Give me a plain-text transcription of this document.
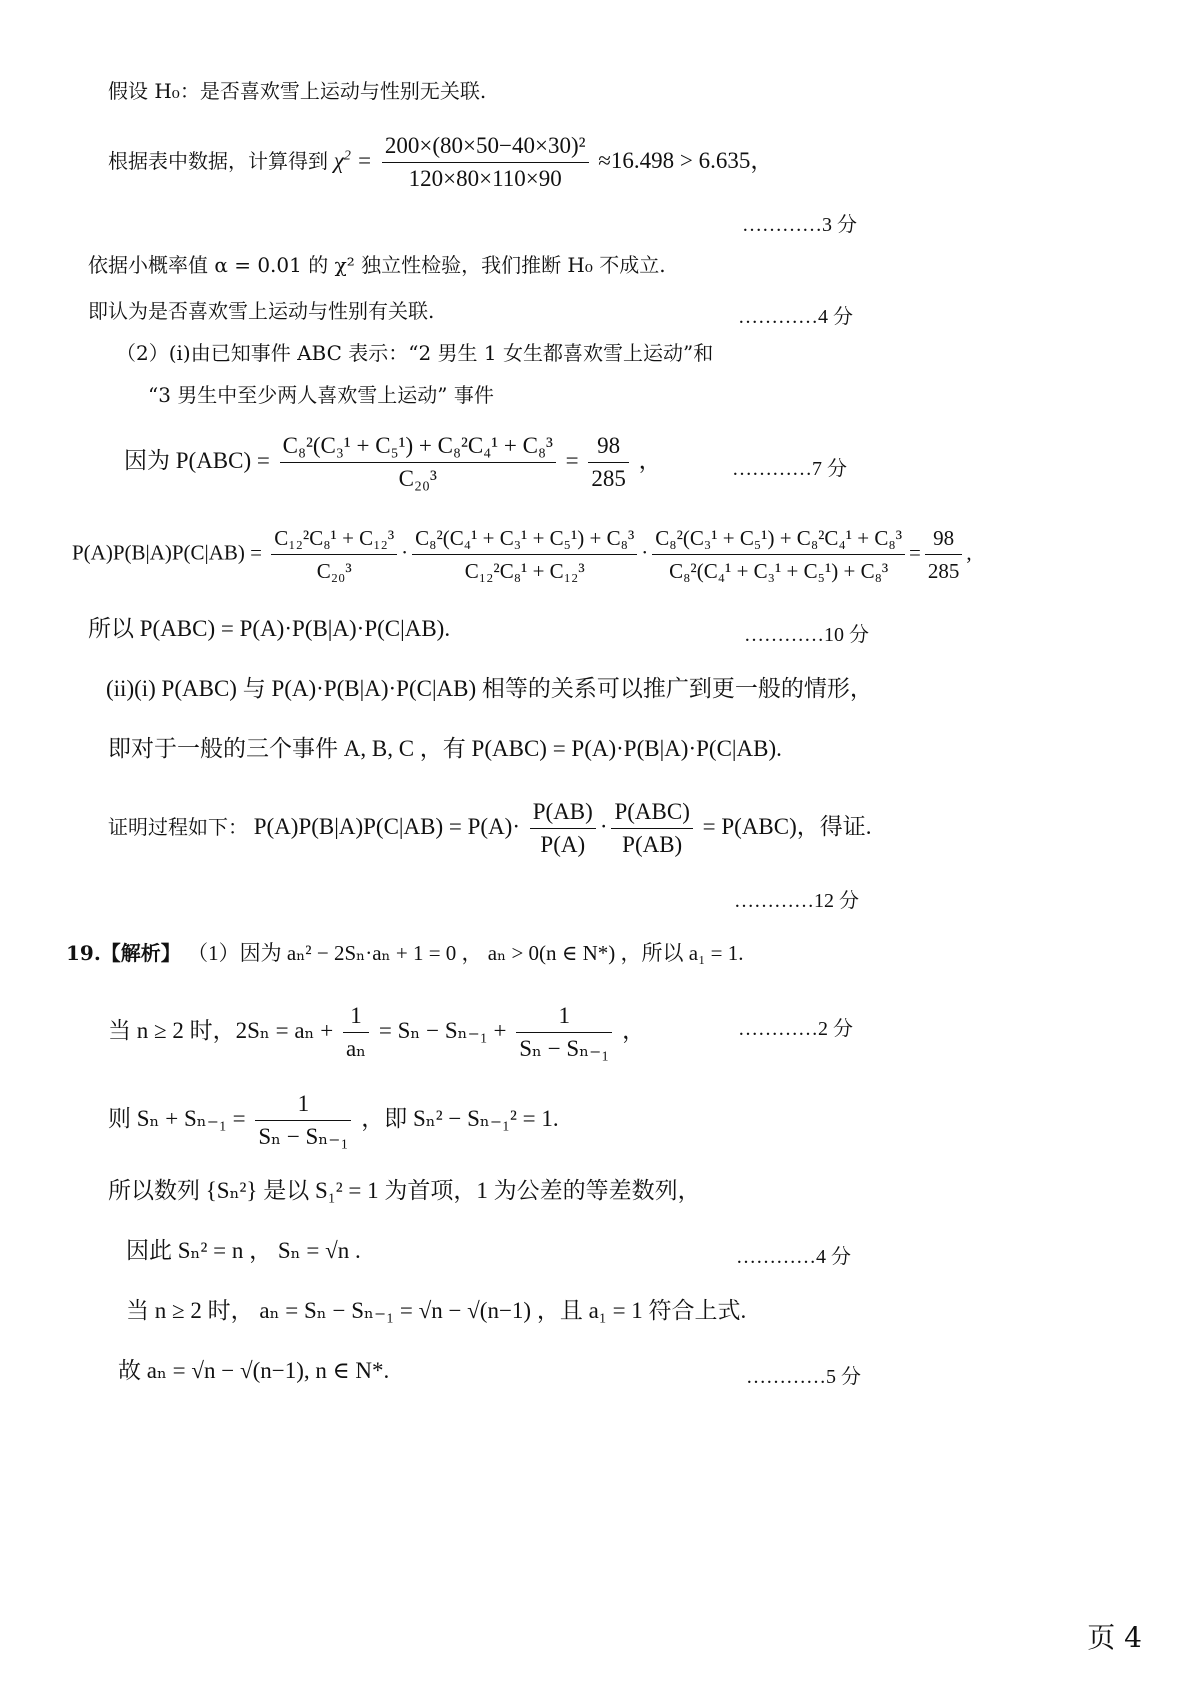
假设 H₀：是否喜欢雪上运动与性别无关联.
根据表中数据，计算得到 $\chi^2 = \frac{\text{200×(80×50−40×30)²}}{120\times 80\times 110\times 90} \approx 16.498 > 6.635$，
…………3 分
依据小概率值 α = 0.01 的 χ² 独立性检验，我们推断 H₀ 不成立.
即认为是否喜欢雪上运动与性别有关联.	…………4 分
（2）(i)由已知事件 ABC 表示：“2 男生 1 女生都喜欢雪上运动”和
“3 男生中至少两人喜欢雪上运动” 事件
因为 $P(ABC) = \frac{\text{C₈²(C₃¹ + C₅¹) + C₈²C₄¹ + C₈³}}{\text{C₂₀³}} = \frac{98}{285}$ ，	…………7 分
$P(A)P(B|A)P(C|AB) = \frac{\text{C₁₂²C₈¹ + C₁₂³}}{\text{C₂₀³}} \cdot \frac{\text{C₈²(C₄¹ + C₃¹ + C₅¹) + C₈³}}{\text{C₁₂²C₈¹ + C₁₂³}} \cdot \frac{\text{C₈²(C₃¹ + C₅¹) + C₈²C₄¹ + C₈³}}{\text{C₈²(C₄¹ + C₃¹ + C₅¹) + C₈³}} = \frac{98}{285}$ ,
所以 P(ABC) = P(A)·P(B|A)·P(C|AB).	…………10 分
(ii)(i) P(ABC) 与 P(A)·P(B|A)·P(C|AB) 相等的关系可以推广到更一般的情形，
即对于一般的三个事件 A, B, C ，有 P(ABC) = P(A)·P(B|A)·P(C|AB).
证明过程如下： $P(A)P(B|A)P(C|AB) = P(A)\cdot \frac{P(AB)}{P(A)} \cdot \frac{\text{P(ABC)}}{P(AB)} = P(ABC)$，得证.
…………12 分
19.【解析】 （1）因为 aₙ² − 2Sₙ·aₙ + 1 = 0 ， aₙ > 0(n ∈ N*) ，所以 a₁ = 1.
当 n ≥ 2 时，$2S_n = a_n + \frac{1}{\text{aₙ}} = S_n - S_{n-1} + \frac{1}{\text{Sₙ − Sₙ₋₁}}$ ，	…………2 分
则 $S_n + S_{n-1} = \frac{1}{\text{Sₙ − Sₙ₋₁}}$ ，即 Sₙ² − Sₙ₋₁² = 1.
所以数列 {Sₙ²} 是以 S₁² = 1 为首项，1 为公差的等差数列，
因此 Sₙ² = n ， Sₙ = √n .	…………4 分
当 n ≥ 2 时， aₙ = Sₙ − Sₙ₋₁ = √n − √(n−1) ，且 a₁ = 1 符合上式.
故 aₙ = √n − √(n−1), n ∈ N*.	…………5 分
页 4
